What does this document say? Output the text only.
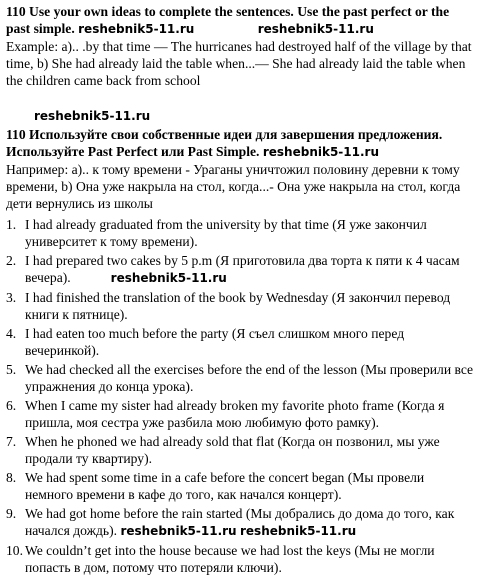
110 Use your own ideas to complete the sentences. Use the past perfect or the past simple. reshebnik5-11.ru	reshebnik5-11.ru

Example: a).. .by that time — The hurricanes had destroyed half of the village by that time, b) She had already laid the table when...— She had already laid the table when the children came back from school

reshebnik5-11.ru

110 Используйте свои собственные идеи для завершения предложения. Используйте Past Perfect или Past Simple. reshebnik5-11.ru

Например: а).. к тому времени - Ураганы уничтожил половину деревни к тому времени, b) Она уже накрыла на стол, когда...- Она уже накрыла на стол, когда дети вернулись из школы

1. I had already graduated from the university by that time (Я уже закончил университет к тому времени).
2. I had prepared two cakes by 5 p.m (Я приготовила два торта к пяти к 4 часам вечера).	reshebnik5-11.ru
3. I had finished the translation of the book by Wednesday (Я закончил перевод книги к пятнице).
4. I had eaten too much before the party (Я съел слишком много перед вечеринкой).
5. We had checked all the exercises before the end of the lesson (Мы проверили все упражнения до конца урока).
6. When I came my sister had already broken my favorite photo frame (Когда я пришла, моя сестра уже разбила мою любимую фото рамку).
7. When he phoned we had already sold that flat (Когда он позвонил, мы уже продали ту квартиру).
8. We had spent some time in a cafe before the concert began (Мы провели немного времени в кафе до того, как начался концерт).
9. We had got home before the rain started (Мы добрались до дома до того, как начался дождь). reshebnik5-11.ru reshebnik5-11.ru
10. We couldn’t get into the house because we had lost the keys (Мы не могли попасть в дом, потому что потеряли ключи).
